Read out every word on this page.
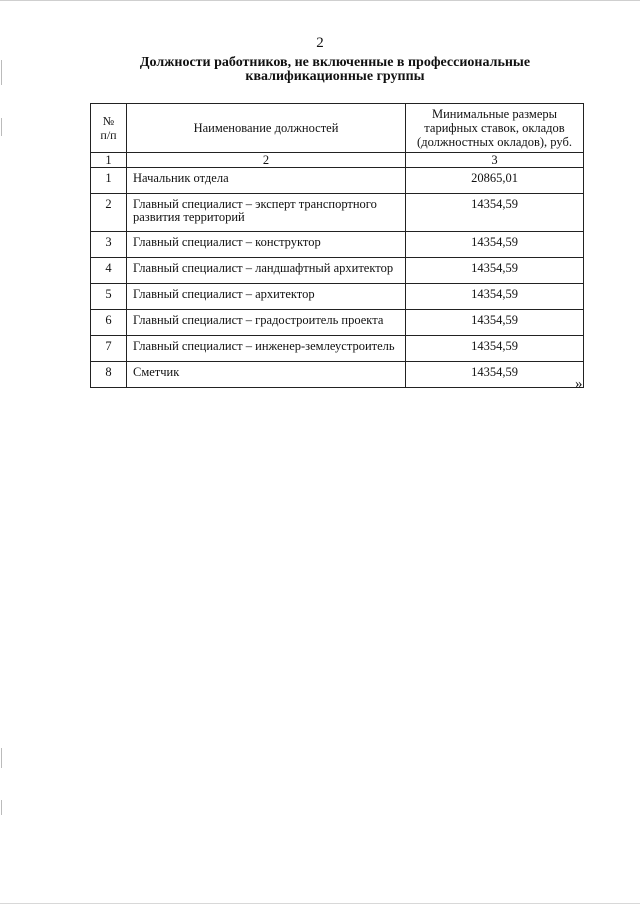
2
Должности работников, не включенные в профессиональные квалификационные группы
№ п/п	Наименование должностей	Минимальные размеры тарифных ставок, окладов (должностных окладов), руб.
1	2	3
1	Начальник отдела	20865,01
2	Главный специалист – эксперт транспортного развития территорий	14354,59
3	Главный специалист – конструктор	14354,59
4	Главный специалист – ландшафтный архитектор	14354,59
5	Главный специалист – архитектор	14354,59
6	Главный специалист – градостроитель проекта	14354,59
7	Главный специалист – инженер-землеустроитель	14354,59
8	Сметчик	14354,59
»
